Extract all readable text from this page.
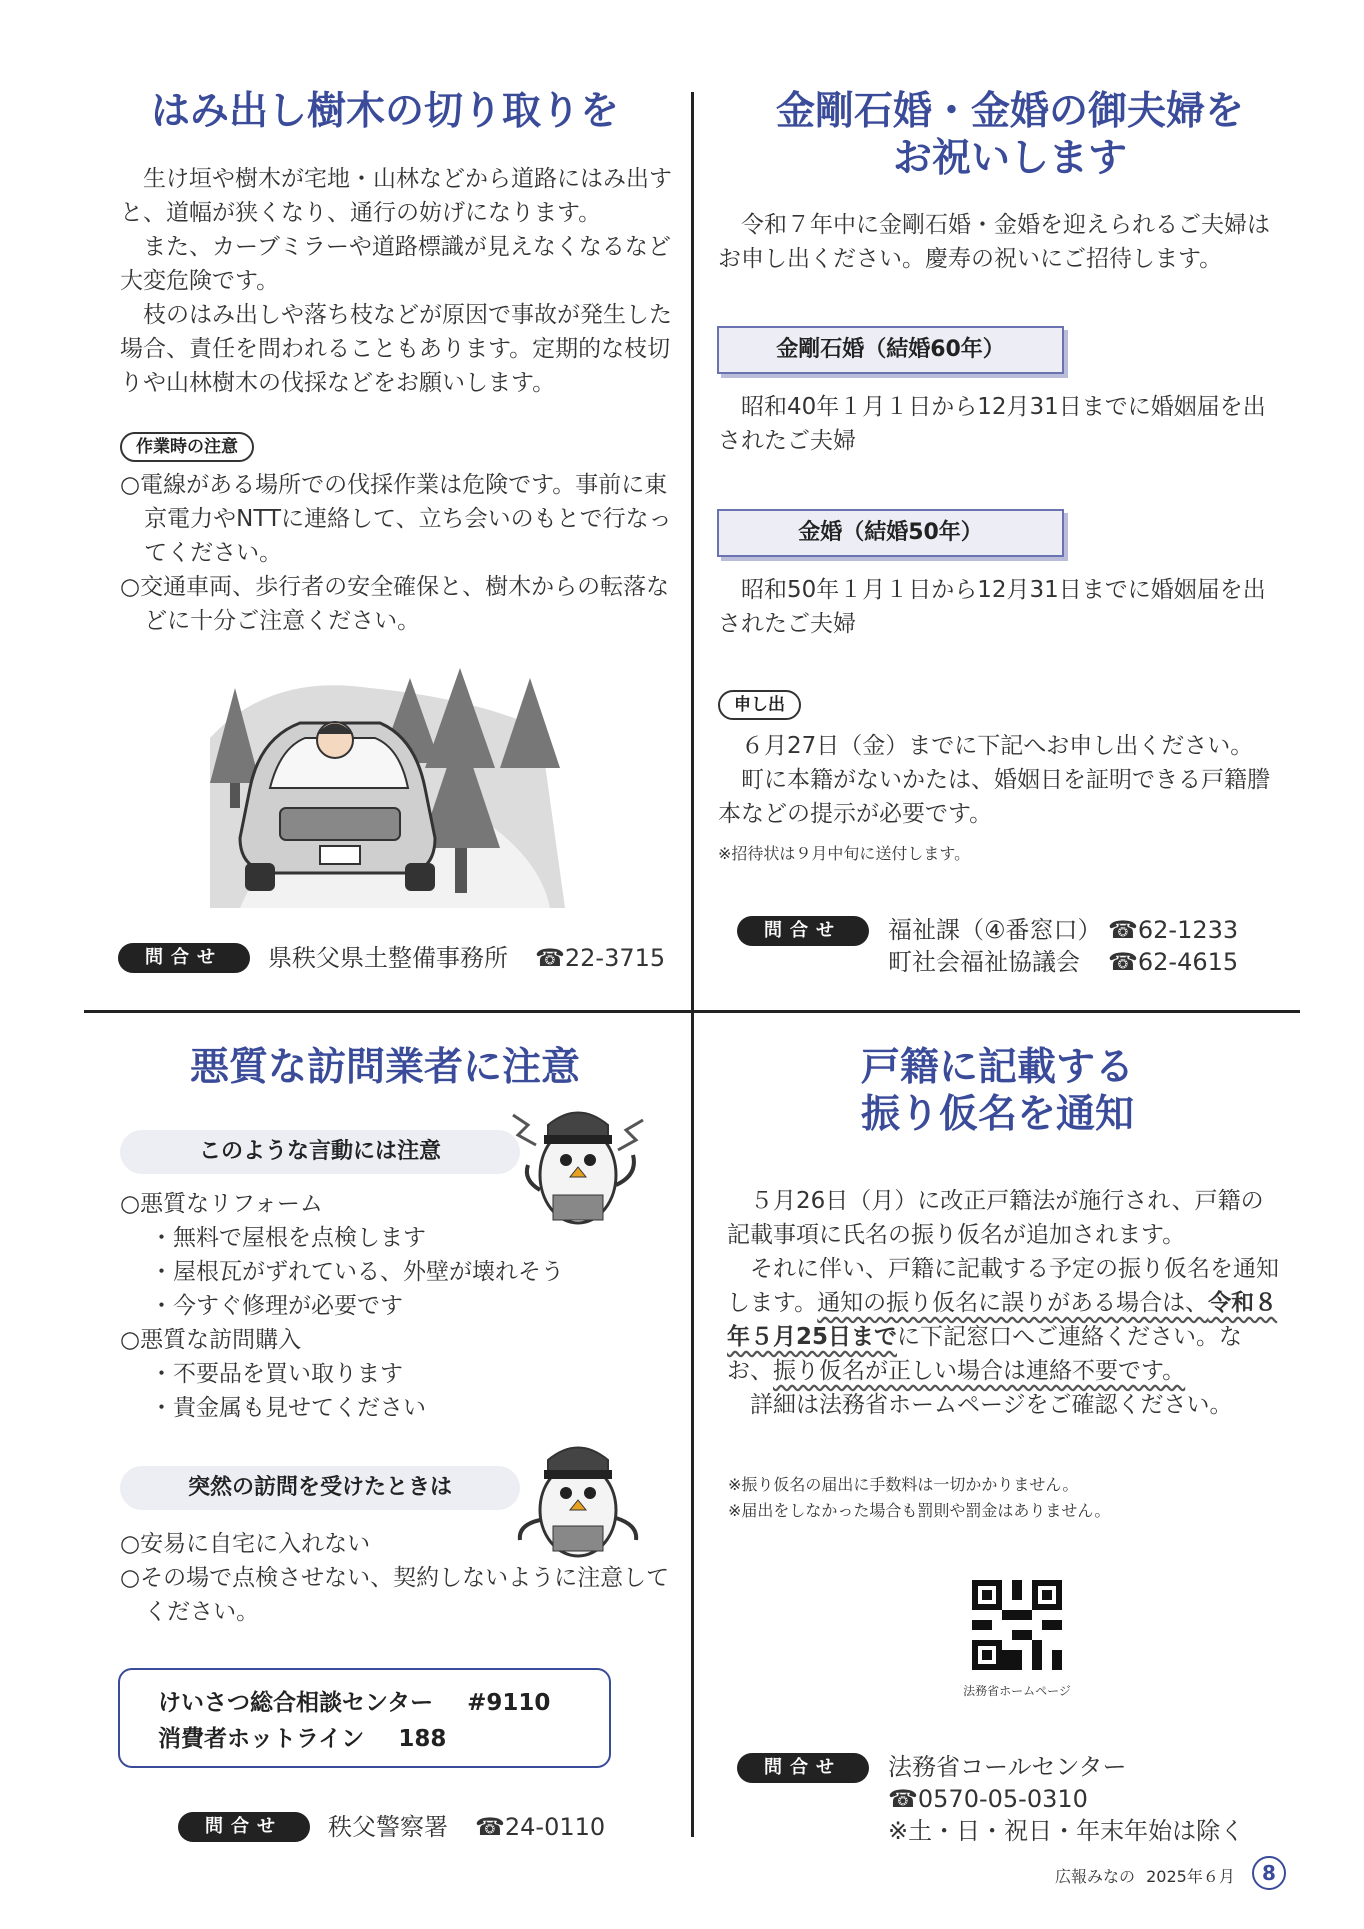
はみ出し樹木の切り取りを
生け垣や樹木が宅地・山林などから道路にはみ出すと、道幅が狭くなり、通行の妨げになります。
また、カーブミラーや道路標識が見えなくなるなど大変危険です。
枝のはみ出しや落ち枝などが原因で事故が発生した場合、責任を問われることもあります。定期的な枝切りや山林樹木の伐採などをお願いします。
作業時の注意
○電線がある場所での伐採作業は危険です。事前に東京電力やNTTに連絡して、立ち会いのもとで行なってください。
○交通車両、歩行者の安全確保と、樹木からの転落などに十分ご注意ください。
問合せ	県秩父県土整備事務所 ☎22-3715
金剛石婚・金婚の御夫婦を
お祝いします
令和７年中に金剛石婚・金婚を迎えられるご夫婦はお申し出ください。慶寿の祝いにご招待します。
金剛石婚（結婚60年）
昭和40年１月１日から12月31日までに婚姻届を出されたご夫婦
金婚（結婚50年）
昭和50年１月１日から12月31日までに婚姻届を出されたご夫婦
申し出
６月27日（金）までに下記へお申し出ください。
町に本籍がないかたは、婚姻日を証明できる戸籍謄本などの提示が必要です。
※招待状は９月中旬に送付します。
問合せ	福祉課（④番窓口） ☎62-1233
町社会福祉協議会 ☎62-4615
悪質な訪問業者に注意
このような言動には注意
○悪質なリフォーム
・無料で屋根を点検します
・屋根瓦がずれている、外壁が壊れそう
・今すぐ修理が必要です
○悪質な訪問購入
・不要品を買い取ります
・貴金属も見せてください
突然の訪問を受けたときは
○安易に自宅に入れない
○その場で点検させない、契約しないように注意してください。
けいさつ総合相談センター #9110
消費者ホットライン 188
問合せ	秩父警察署 ☎24-0110
戸籍に記載する
振り仮名を通知
５月26日（月）に改正戸籍法が施行され、戸籍の記載事項に氏名の振り仮名が追加されます。
それに伴い、戸籍に記載する予定の振り仮名を通知します。通知の振り仮名に誤りがある場合は、令和８年５月25日までに下記窓口へご連絡ください。なお、振り仮名が正しい場合は連絡不要です。
詳細は法務省ホームページをご確認ください。
※振り仮名の届出に手数料は一切かかりません。
※届出をしなかった場合も罰則や罰金はありません。
法務省ホームページ
問合せ	法務省コールセンター
☎0570-05-0310
※土・日・祝日・年末年始は除く
広報みなの 2025年６月	8
